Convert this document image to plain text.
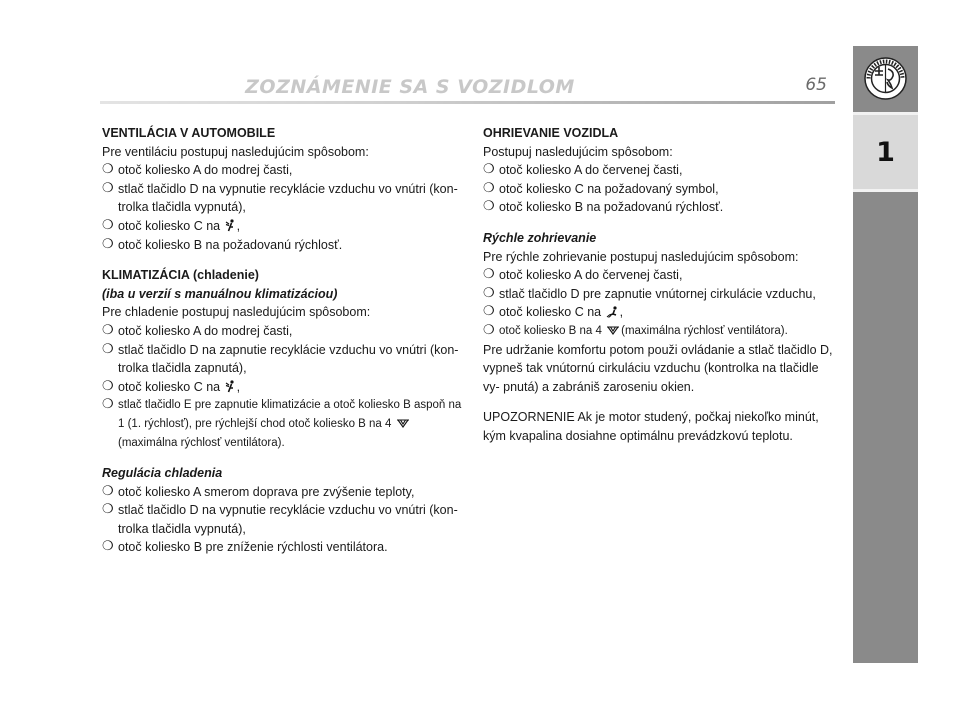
ZOZNÁMENIE SA S VOZIDLOM	65
1

VENTILÁCIA V AUTOMOBILE

Pre ventiláciu postupuj nasledujúcim spôsobom:

❍ otoč koliesko A do modrej časti,
❍ stlač tlačidlo D na vypnutie recyklácie vzduchu vo vnútri (kon- trolka tlačidla vypnutá),
❍ otoč koliesko C na ,
❍ otoč koliesko B na požadovanú rýchlosť.

KLIMATIZÁCIA (chladenie)

(iba u verzií s manuálnou klimatizáciou)

Pre chladenie postupuj nasledujúcim spôsobom:

❍ otoč koliesko A do modrej časti,
❍ stlač tlačidlo D na zapnutie recyklácie vzduchu vo vnútri (kon- trolka tlačidla zapnutá),
❍ otoč koliesko C na ,
❍ stlač tlačidlo E pre zapnutie klimatizácie a otoč koliesko B aspoň na 1 (1. rýchlosť), pre rýchlejší chod otoč koliesko B na 4
(maximálna rýchlosť ventilátora).

Regulácia chladenia

❍ otoč koliesko A smerom doprava pre zvýšenie teploty,
❍ stlač tlačidlo D na vypnutie recyklácie vzduchu vo vnútri (kon- trolka tlačidla vypnutá),
❍ otoč koliesko B pre zníženie rýchlosti ventilátora.

OHRIEVANIE VOZIDLA

Postupuj nasledujúcim spôsobom:

❍ otoč koliesko A do červenej časti,
❍ otoč koliesko C na požadovaný symbol,
❍ otoč koliesko B na požadovanú rýchlosť.

Rýchle zohrievanie

Pre rýchle zohrievanie postupuj nasledujúcim spôsobom:

❍ otoč koliesko A do červenej časti,
❍ stlač tlačidlo D pre zapnutie vnútornej cirkulácie vzduchu,
❍ otoč koliesko C na ,
❍ otoč koliesko B na 4 (maximálna rýchlosť ventilátora).

Pre udržanie komfortu potom použi ovládanie a stlač tlačidlo D, vypneš tak vnútornú cirkuláciu vzduchu (kontrolka na tlačidle vy- pnutá) a zabrániš zaroseniu okien.

UPOZORNENIE Ak je motor studený, počkaj niekoľko minút, kým kvapalina dosiahne optimálnu prevádzkovú teplotu.
